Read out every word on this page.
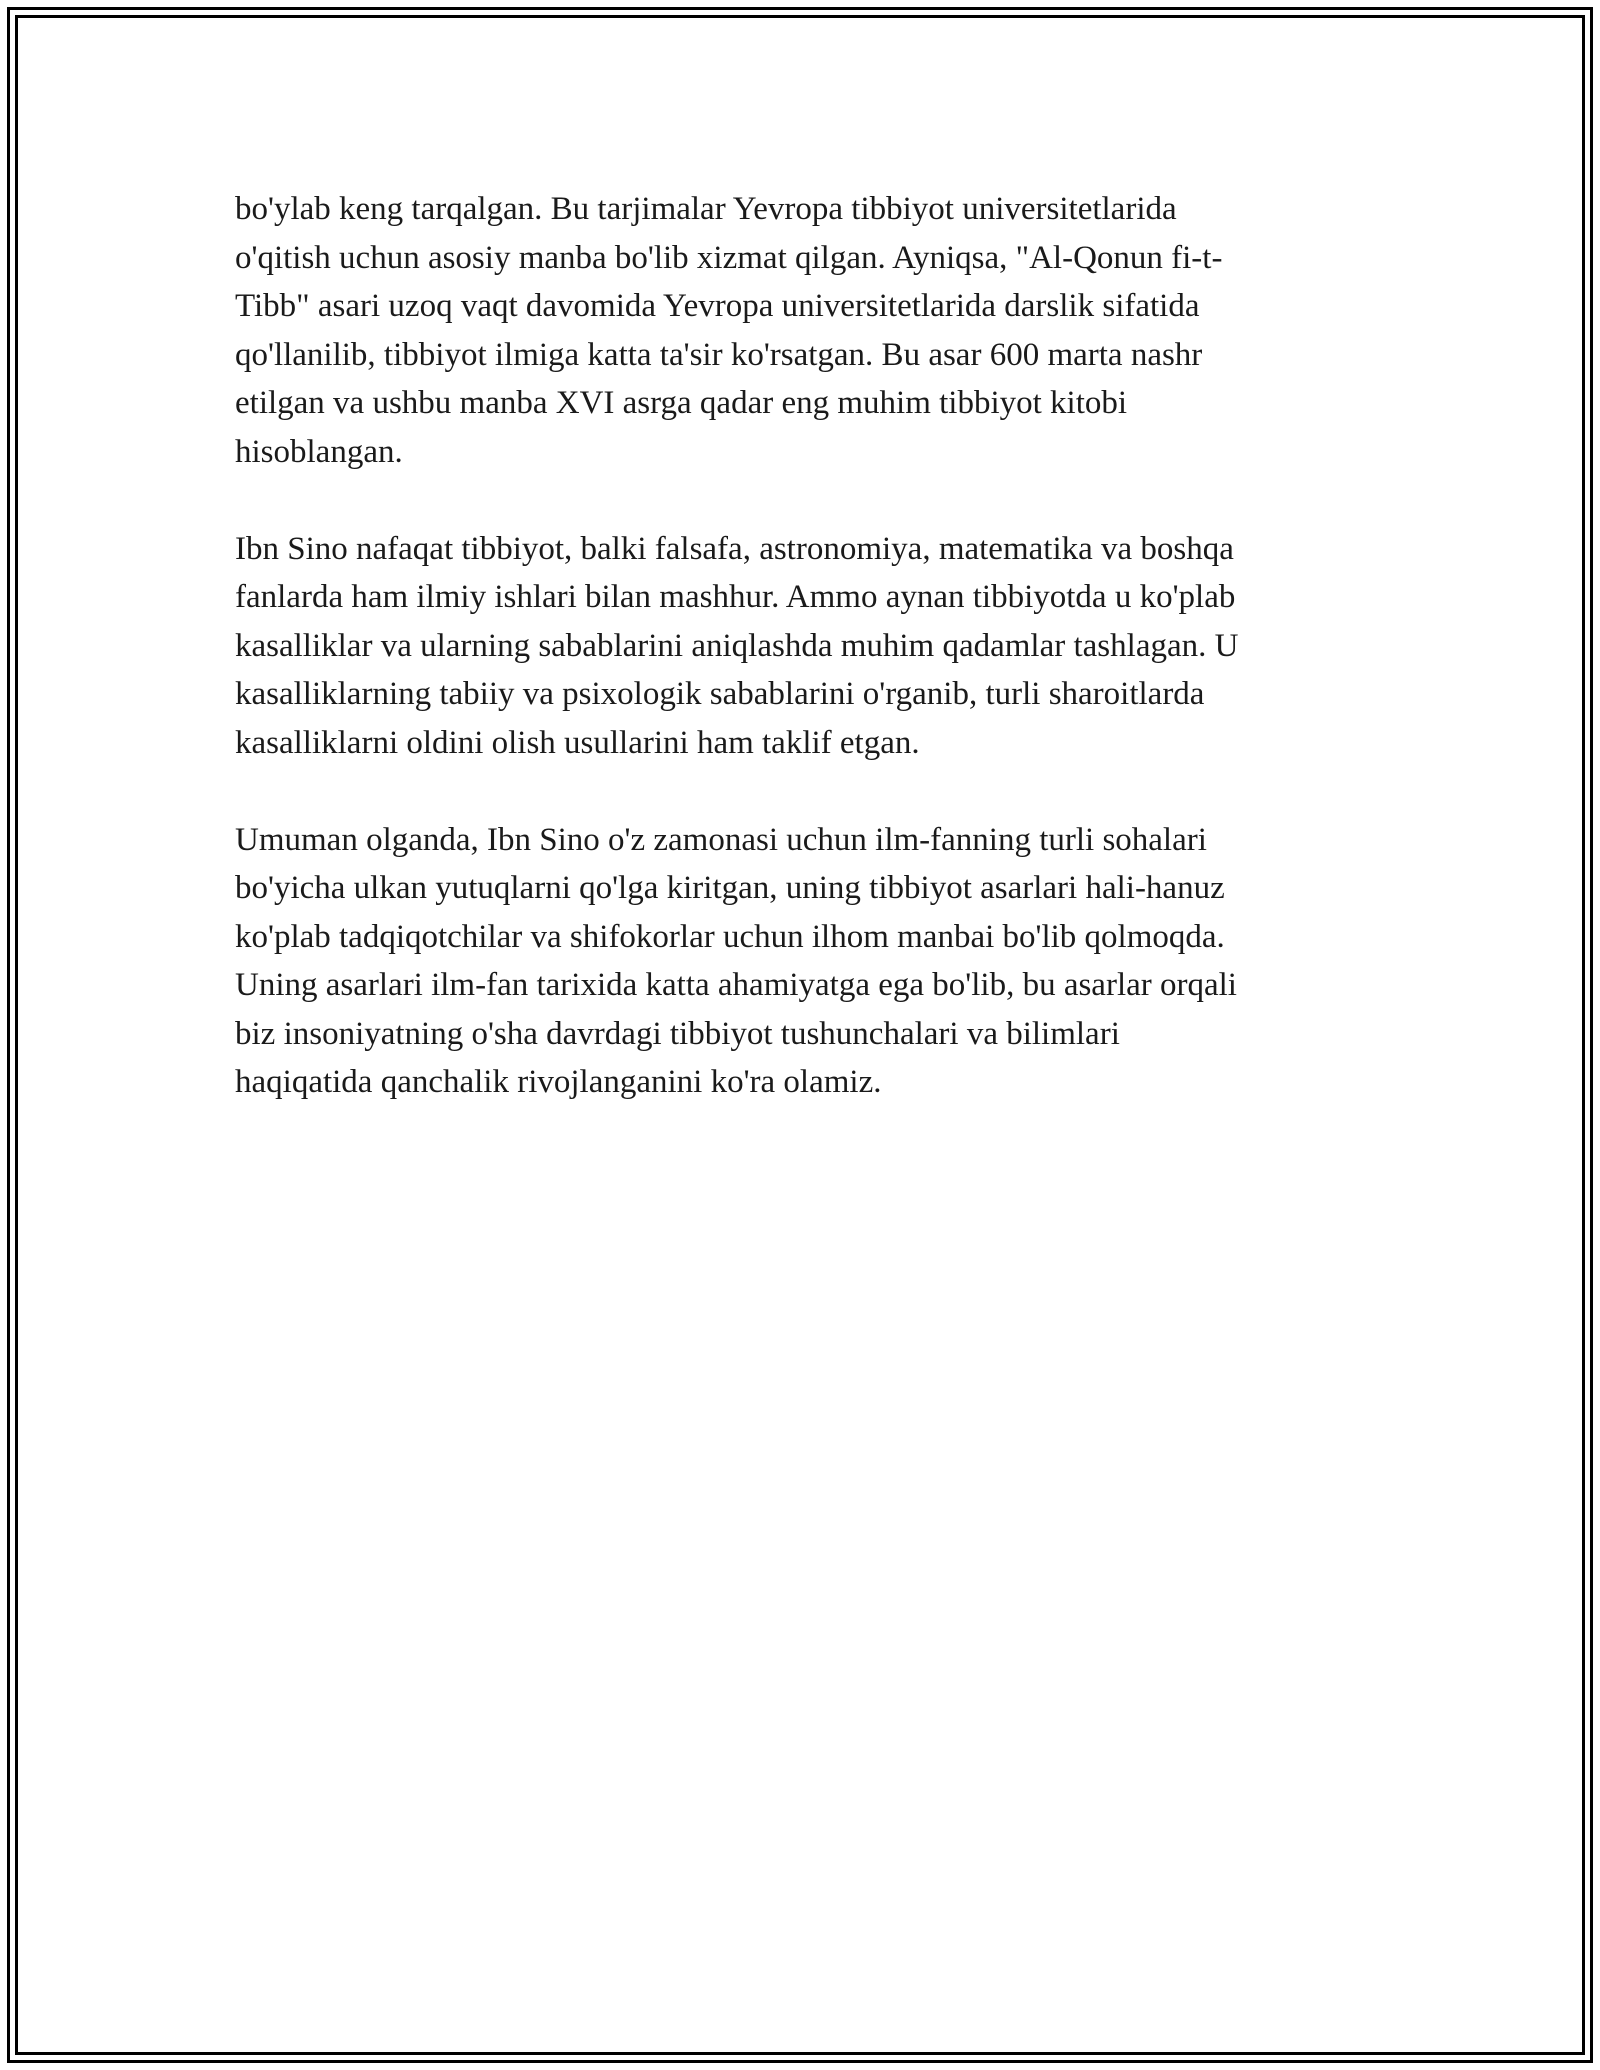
bo'ylab keng tarqalgan. Bu tarjimalar Yevropa tibbiyot universitetlarida
o'qitish uchun asosiy manba bo'lib xizmat qilgan. Ayniqsa, "Al-Qonun fi-t-
Tibb" asari uzoq vaqt davomida Yevropa universitetlarida darslik sifatida
qo'llanilib, tibbiyot ilmiga katta ta'sir ko'rsatgan. Bu asar 600 marta nashr
etilgan va ushbu manba XVI asrga qadar eng muhim tibbiyot kitobi
hisoblangan.
Ibn Sino nafaqat tibbiyot, balki falsafa, astronomiya, matematika va boshqa
fanlarda ham ilmiy ishlari bilan mashhur. Ammo aynan tibbiyotda u ko'plab
kasalliklar va ularning sabablarini aniqlashda muhim qadamlar tashlagan. U
kasalliklarning tabiiy va psixologik sabablarini o'rganib, turli sharoitlarda
kasalliklarni oldini olish usullarini ham taklif etgan.
Umuman olganda, Ibn Sino o'z zamonasi uchun ilm-fanning turli sohalari
bo'yicha ulkan yutuqlarni qo'lga kiritgan, uning tibbiyot asarlari hali-hanuz
ko'plab tadqiqotchilar va shifokorlar uchun ilhom manbai bo'lib qolmoqda.
Uning asarlari ilm-fan tarixida katta ahamiyatga ega bo'lib, bu asarlar orqali
biz insoniyatning o'sha davrdagi tibbiyot tushunchalari va bilimlari
haqiqatida qanchalik rivojlanganini ko'ra olamiz.
